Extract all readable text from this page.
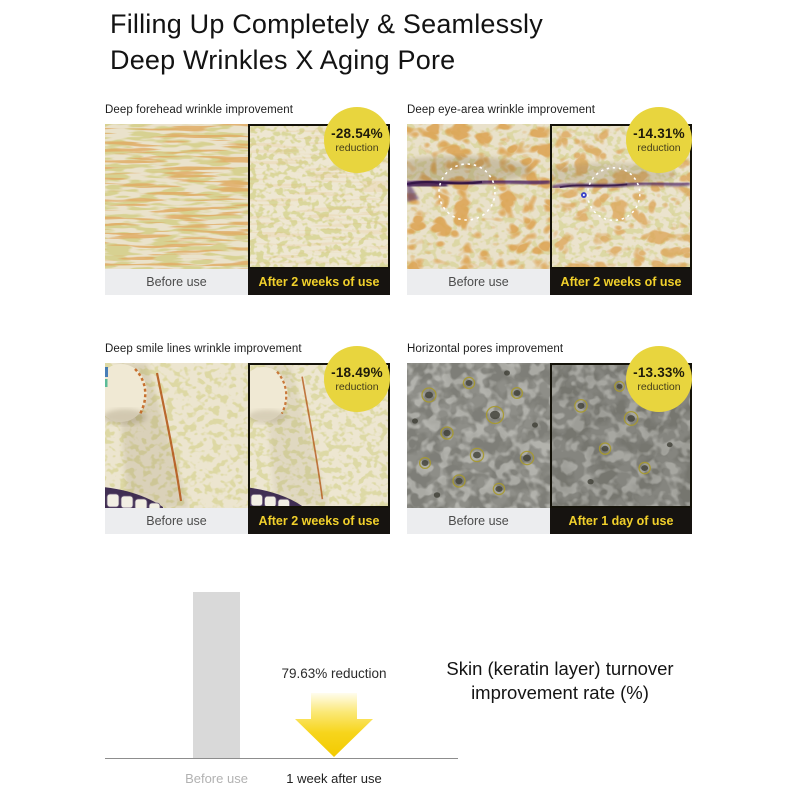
Filling Up Completely & Seamlessly
Deep Wrinkles X Aging Pore
Deep forehead wrinkle improvement
-28.54%
reduction
Before use	After 2 weeks of use
Deep eye-area wrinkle improvement
-14.31%
reduction
Before use	After 2 weeks of use
Deep smile lines wrinkle improvement
-18.49%
reduction
Before use	After 2 weeks of use
Horizontal pores improvement
-13.33%
reduction
Before use	After 1 day of use
79.63% reduction
Before use	1 week after use
Skin (keratin layer) turnover
improvement rate (%)
